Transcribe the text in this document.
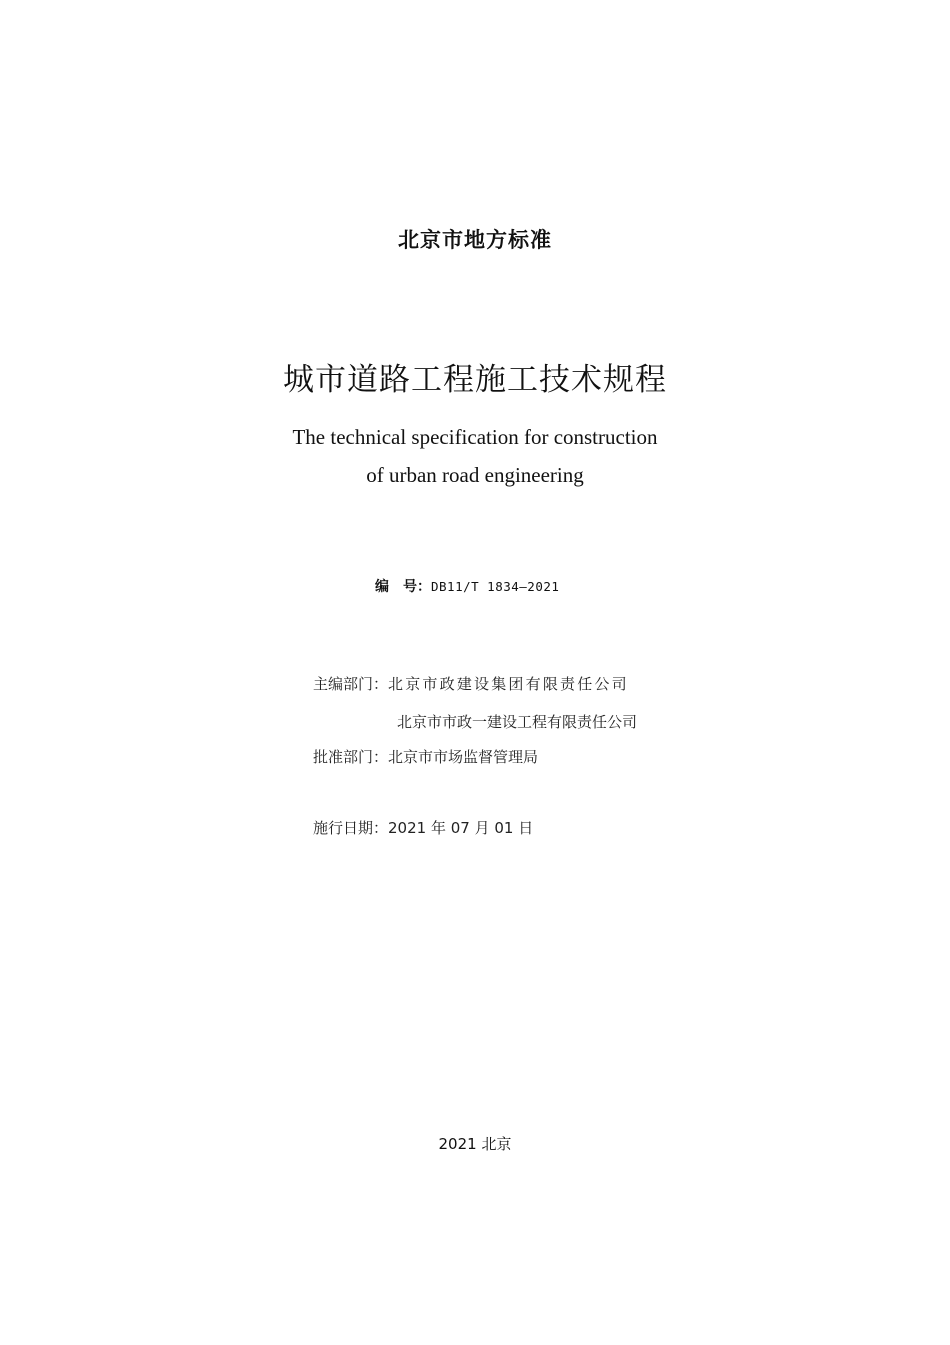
北京市地方标准
城市道路工程施工技术规程
The technical specification for construction
of urban road engineering
编　号：DB11/T 1834—2021
主编部门：北京市政建设集团有限责任公司
北京市市政一建设工程有限责任公司
批准部门：北京市市场监督管理局
施行日期：2021 年 07 月 01 日
2021 北京
